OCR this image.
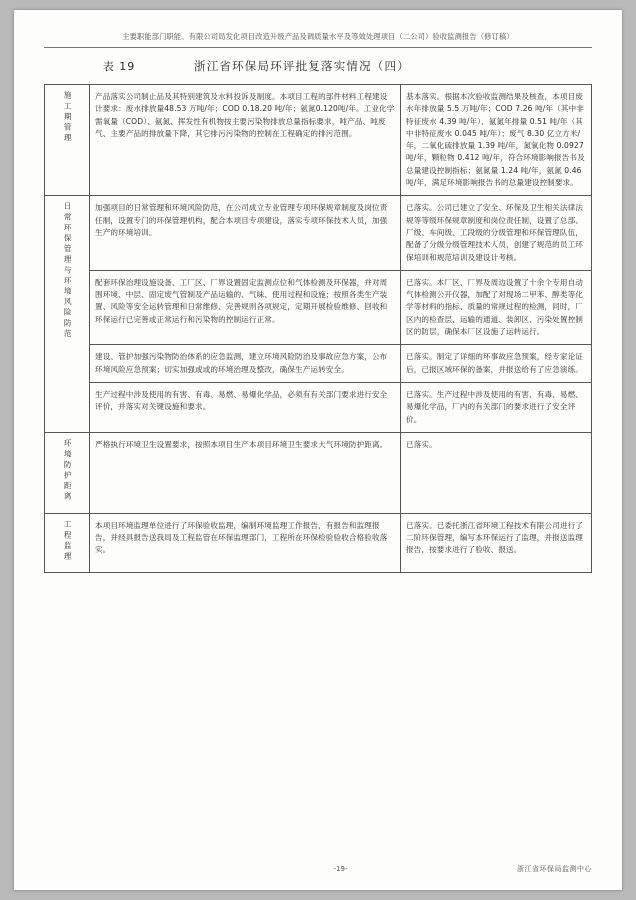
主要职能部门职能、有限公司局发化项目改造升级产品及调质量水平及等效处理项目（二公司）验收监测报告（修订稿）
表 19	浙江省环保局环评批复落实情况（四）
施工期管理	产品落实公司制止品及其特别建筑及水料投诉及制度。本项目工程的部件材料工程建设计要求：废水排放量48.53 万吨/年；COD 0.18.20 吨/年；氨氮0.120吨/年。工业化学需氧量（COD）、氨氮、挥发性有机物按主要污染物排放总量指标要求，吨产品、吨废气、主要产品的排放量下降，其它排污污染物的控制在工程确定的排污范围。	基本落实。根据本次验收监测结果及核查，本项目废水年排放量 5.5 万吨/年；COD 7.26 吨/年（其中非特征废水 4.39 吨/年）、氨氮年排量 0.51 吨/年（其中非特征废水 0.045 吨/年）；废气 8.30 亿立方米/年，二氧化硫排放量 1.39 吨/年，氮氧化物 0.0927 吨/年，颗粒物 0.412 吨/年，符合环境影响报告书及总量建设控制指标；氨氮量 1.24 吨/年，氨氮 0.46 吨/年，满足环境影响报告书的总量建设控制要求。
日常环保管理与环境风险防范	加强项目的日常管理和环境风险防范，在公司成立专业管理专项环保规章制度及岗位责任制，设置专门的环保管理机构，配合本项目专项建设，落实专项环保技术人员，加强生产的环境培训。	已落实。公司已建立了安全、环保及卫生相关法律法规等等级环保规章制度和岗位责任制，设置了总部、厂级、车间级、工段级的分级管理和环保管理队伍，配备了分级分级管理技术人员，创建了规范的员工环保培训和规范培训及建设计考核。
	配套环保治理设施设备、工厂区、厂界设置固定监测点位和气体检测及环保器，并对周围环境、中层、固定废气管制及产品运输的、气味、使用过程和设施；按照各类生产装置、风险等安全运转管理和日常维修、完善规则各项规定，定期开展检验维修、回收和环保运行已完善或正常运行和污染物的控制运行正常。	已落实。本厂区、厂界及周边设置了十余个专用自动气体检测公开仪器，加配了对现场二甲苯、醇类等化学等材料的指标、质量的常规过程的检测，同时，厂区内的检查层、运输的通道、装卸区、污染处置控制区的防层，确保本厂区设施了运转运行。
	建设、管护加强污染物防治体系的应急监测，建立环境风险防治及事故应急方案，公布环境风险应急预案；切实加强或或的环境治理及整改，确保生产运转安全。	已落实。制定了详细的环事故应急预案，经专家论证后，已报区域环保的备案，并报送给有了应急演练。
	生产过程中涉及使用的有害、有毒、易燃、易爆化学品，必须有有关部门要求进行安全评价，并落实对关键设施和要求。	已落实。生产过程中涉及使用的有害、有毒、易燃、易爆化学品，厂内的有关部门的要求进行了安全评价。
环境防护距离	严格执行环境卫生设置要求，按照本项目生产本项目环境卫生要求大气环境防护距离。	已落实。
工程监理	本项目环境监理单位进行了环保验收监理，编制环境监理工作报告，有报告和监理报告，并经具报告送我局及工程监管在环保监理部门，工程所在环保检验验收合格验收落实。	已落实。已委托浙江省环境工程技术有限公司进行了二阶环保管理，编写本环保运行了监理，并报送监理报告，按要求进行了验收、报送。
-19-	浙江省环保局监测中心
